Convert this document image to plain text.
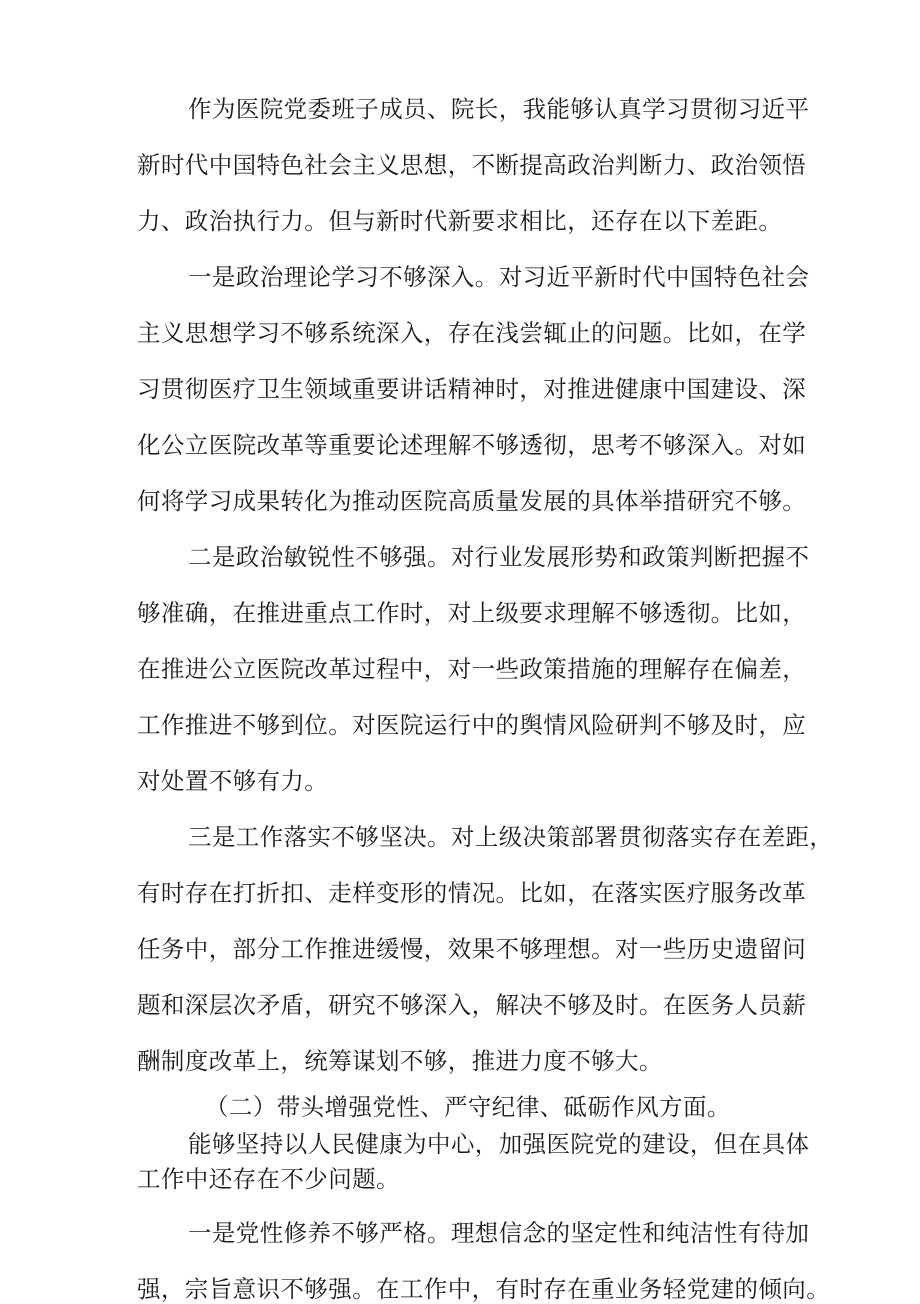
作为医院党委班子成员、院长，我能够认真学习贯彻习近平

新时代中国特色社会主义思想，不断提高政治判断力、政治领悟

力、政治执行力。但与新时代新要求相比，还存在以下差距。

一是政治理论学习不够深入。对习近平新时代中国特色社会

主义思想学习不够系统深入，存在浅尝辄止的问题。比如，在学

习贯彻医疗卫生领域重要讲话精神时，对推进健康中国建设、深

化公立医院改革等重要论述理解不够透彻，思考不够深入。对如

何将学习成果转化为推动医院高质量发展的具体举措研究不够。

二是政治敏锐性不够强。对行业发展形势和政策判断把握不

够准确，在推进重点工作时，对上级要求理解不够透彻。比如，

在推进公立医院改革过程中，对一些政策措施的理解存在偏差，

工作推进不够到位。对医院运行中的舆情风险研判不够及时，应

对处置不够有力。

三是工作落实不够坚决。对上级决策部署贯彻落实存在差距，

有时存在打折扣、走样变形的情况。比如，在落实医疗服务改革

任务中，部分工作推进缓慢，效果不够理想。对一些历史遗留问

题和深层次矛盾，研究不够深入，解决不够及时。在医务人员薪

酬制度改革上，统筹谋划不够，推进力度不够大。

（二）带头增强党性、严守纪律、砥砺作风方面。

能够坚持以人民健康为中心，加强医院党的建设，但在具体

工作中还存在不少问题。

一是党性修养不够严格。理想信念的坚定性和纯洁性有待加

强，宗旨意识不够强。在工作中，有时存在重业务轻党建的倾向。
